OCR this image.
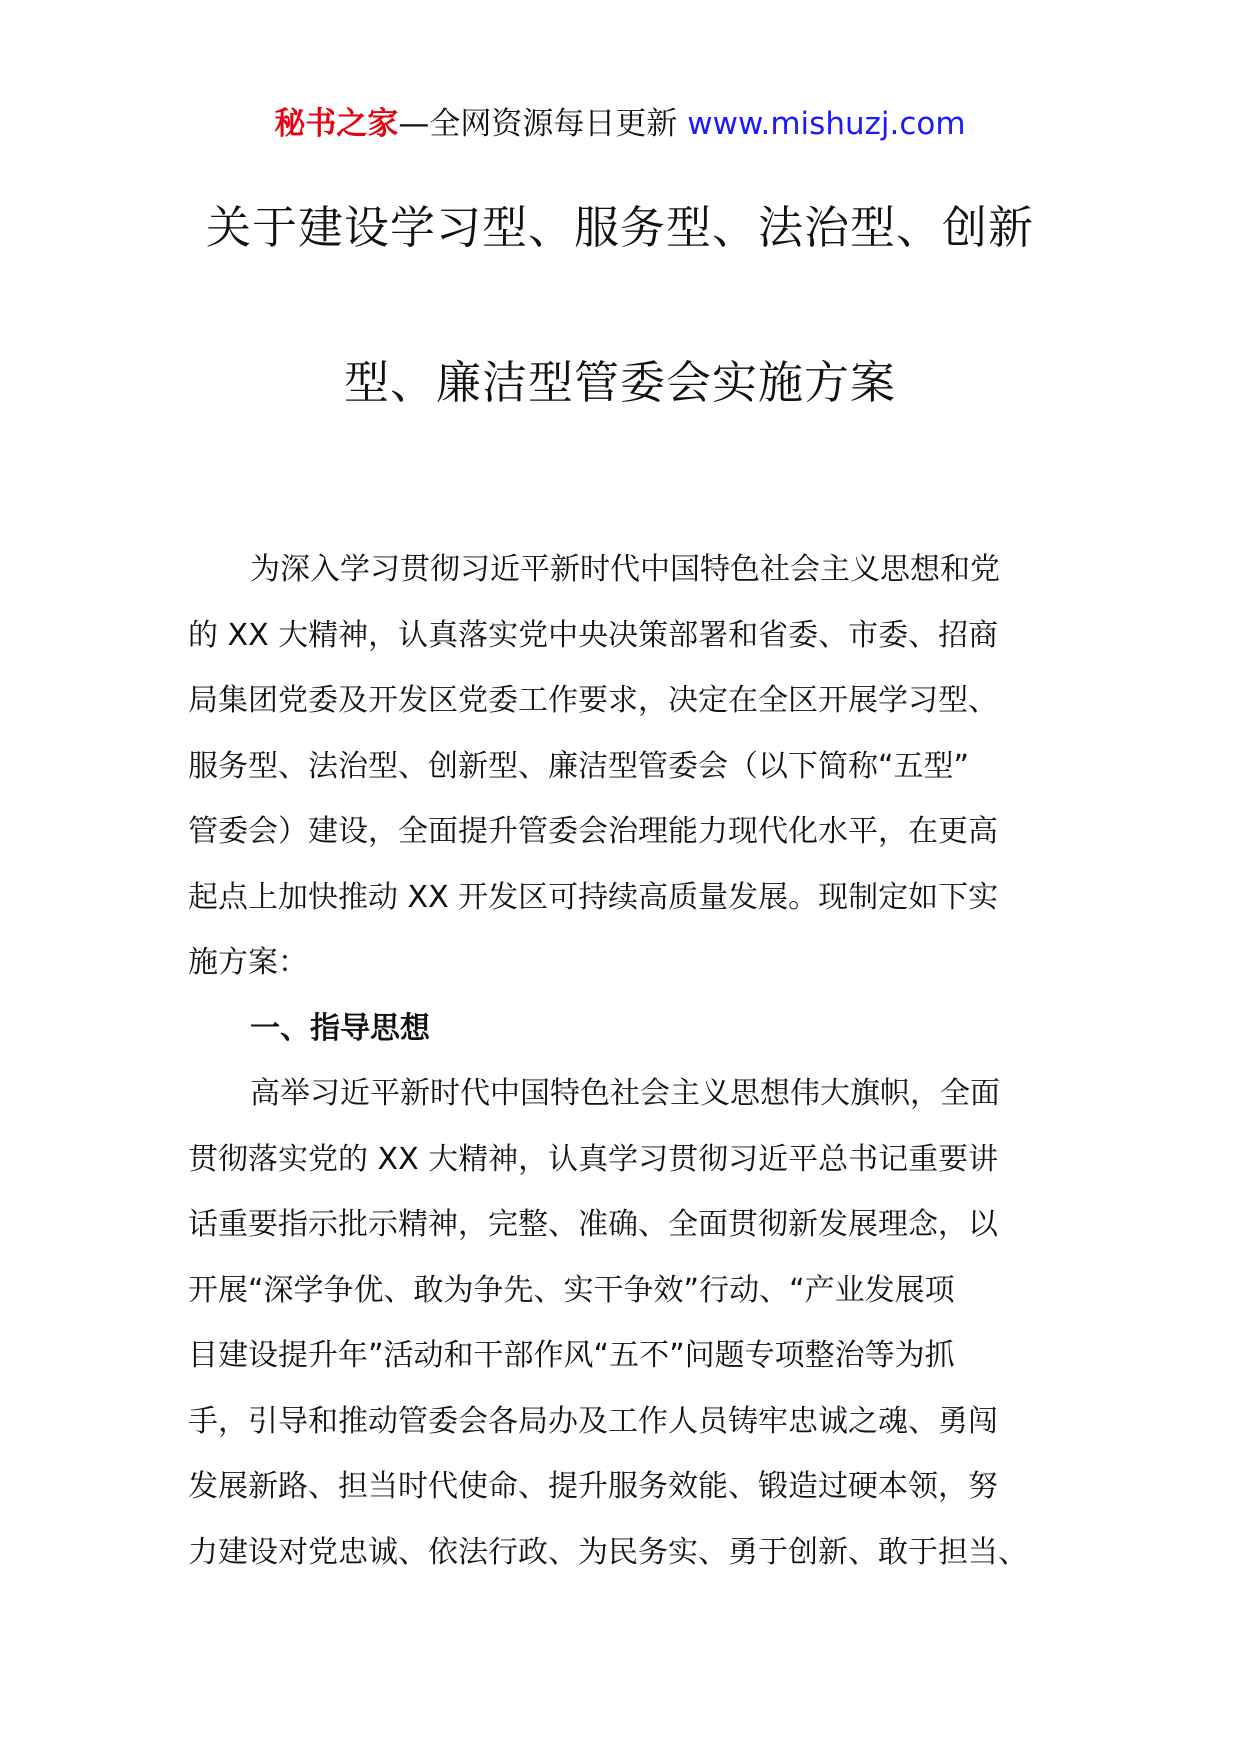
秘书之家—全网资源每日更新 www.mishuzj.com
关于建设学习型、服务型、法治型、创新
型、廉洁型管委会实施方案
为深入学习贯彻习近平新时代中国特色社会主义思想和党
的 XX 大精神，认真落实党中央决策部署和省委、市委、招商
局集团党委及开发区党委工作要求，决定在全区开展学习型、
服务型、法治型、创新型、廉洁型管委会（以下简称“五型”
管委会）建设，全面提升管委会治理能力现代化水平，在更高
起点上加快推动 XX 开发区可持续高质量发展。现制定如下实
施方案：
一、指导思想
高举习近平新时代中国特色社会主义思想伟大旗帜，全面
贯彻落实党的 XX 大精神，认真学习贯彻习近平总书记重要讲
话重要指示批示精神，完整、准确、全面贯彻新发展理念，以
开展“深学争优、敢为争先、实干争效”行动、“产业发展项
目建设提升年”活动和干部作风“五不”问题专项整治等为抓
手，引导和推动管委会各局办及工作人员铸牢忠诚之魂、勇闯
发展新路、担当时代使命、提升服务效能、锻造过硬本领，努
力建设对党忠诚、依法行政、为民务实、勇于创新、敢于担当、
